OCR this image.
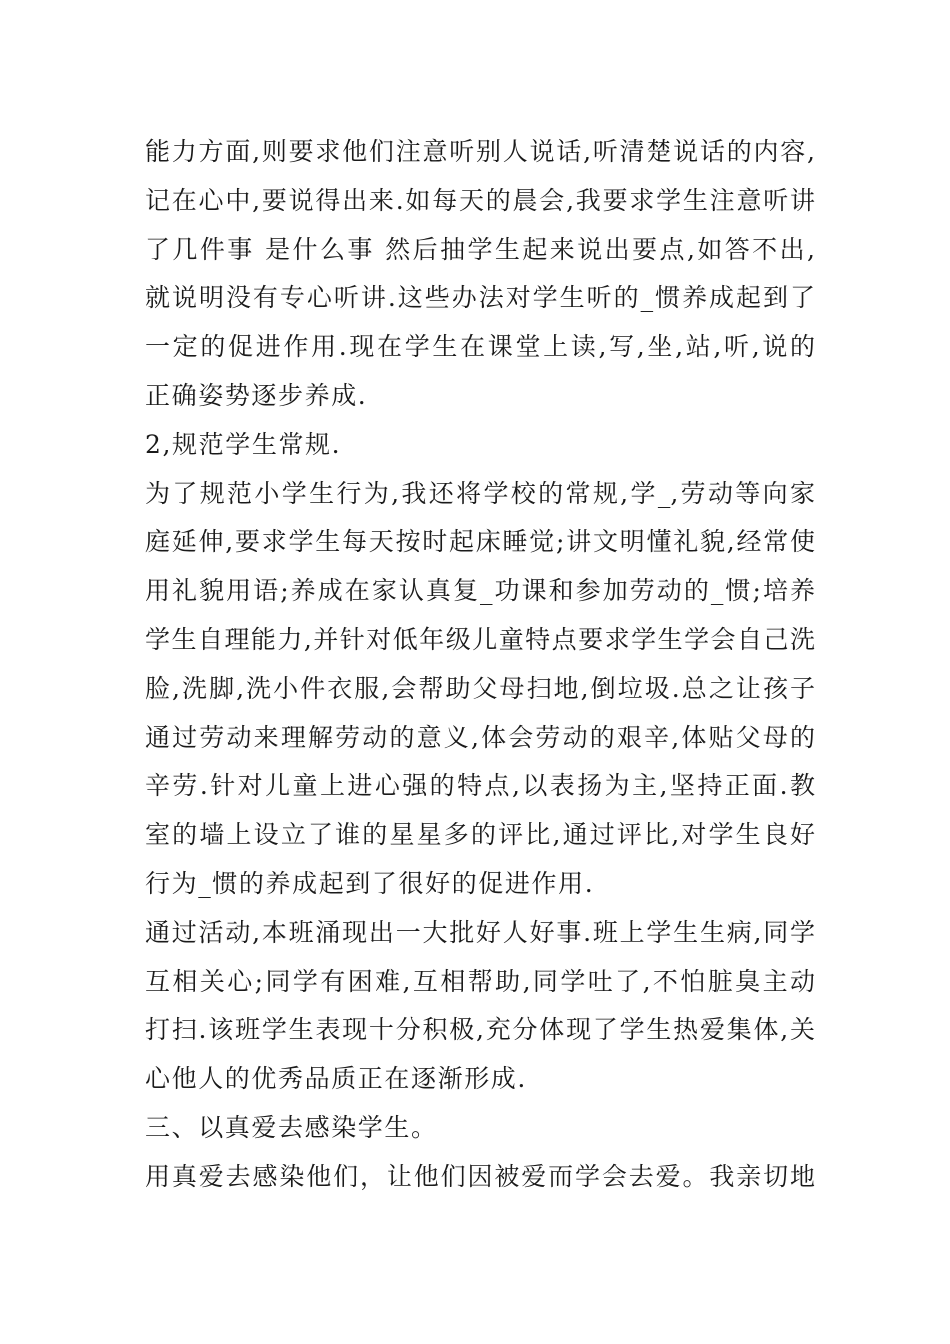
能力方面,则要求他们注意听别人说话,听清楚说话的内容,
记在心中,要说得出来.如每天的晨会,我要求学生注意听讲
了几件事 是什么事 然后抽学生起来说出要点,如答不出,
就说明没有专心听讲.这些办法对学生听的_惯养成起到了
一定的促进作用.现在学生在课堂上读,写,坐,站,听,说的
正确姿势逐步养成.
2,规范学生常规.
为了规范小学生行为,我还将学校的常规,学_,劳动等向家
庭延伸,要求学生每天按时起床睡觉;讲文明懂礼貌,经常使
用礼貌用语;养成在家认真复_功课和参加劳动的_惯;培养
学生自理能力,并针对低年级儿童特点要求学生学会自己洗
脸,洗脚,洗小件衣服,会帮助父母扫地,倒垃圾.总之让孩子
通过劳动来理解劳动的意义,体会劳动的艰辛,体贴父母的
辛劳.针对儿童上进心强的特点,以表扬为主,坚持正面.教
室的墙上设立了谁的星星多的评比,通过评比,对学生良好
行为_惯的养成起到了很好的促进作用.
通过活动,本班涌现出一大批好人好事.班上学生生病,同学
互相关心;同学有困难,互相帮助,同学吐了,不怕脏臭主动
打扫.该班学生表现十分积极,充分体现了学生热爱集体,关
心他人的优秀品质正在逐渐形成.
三、以真爱去感染学生。
用真爱去感染他们，让他们因被爱而学会去爱。我亲切地
